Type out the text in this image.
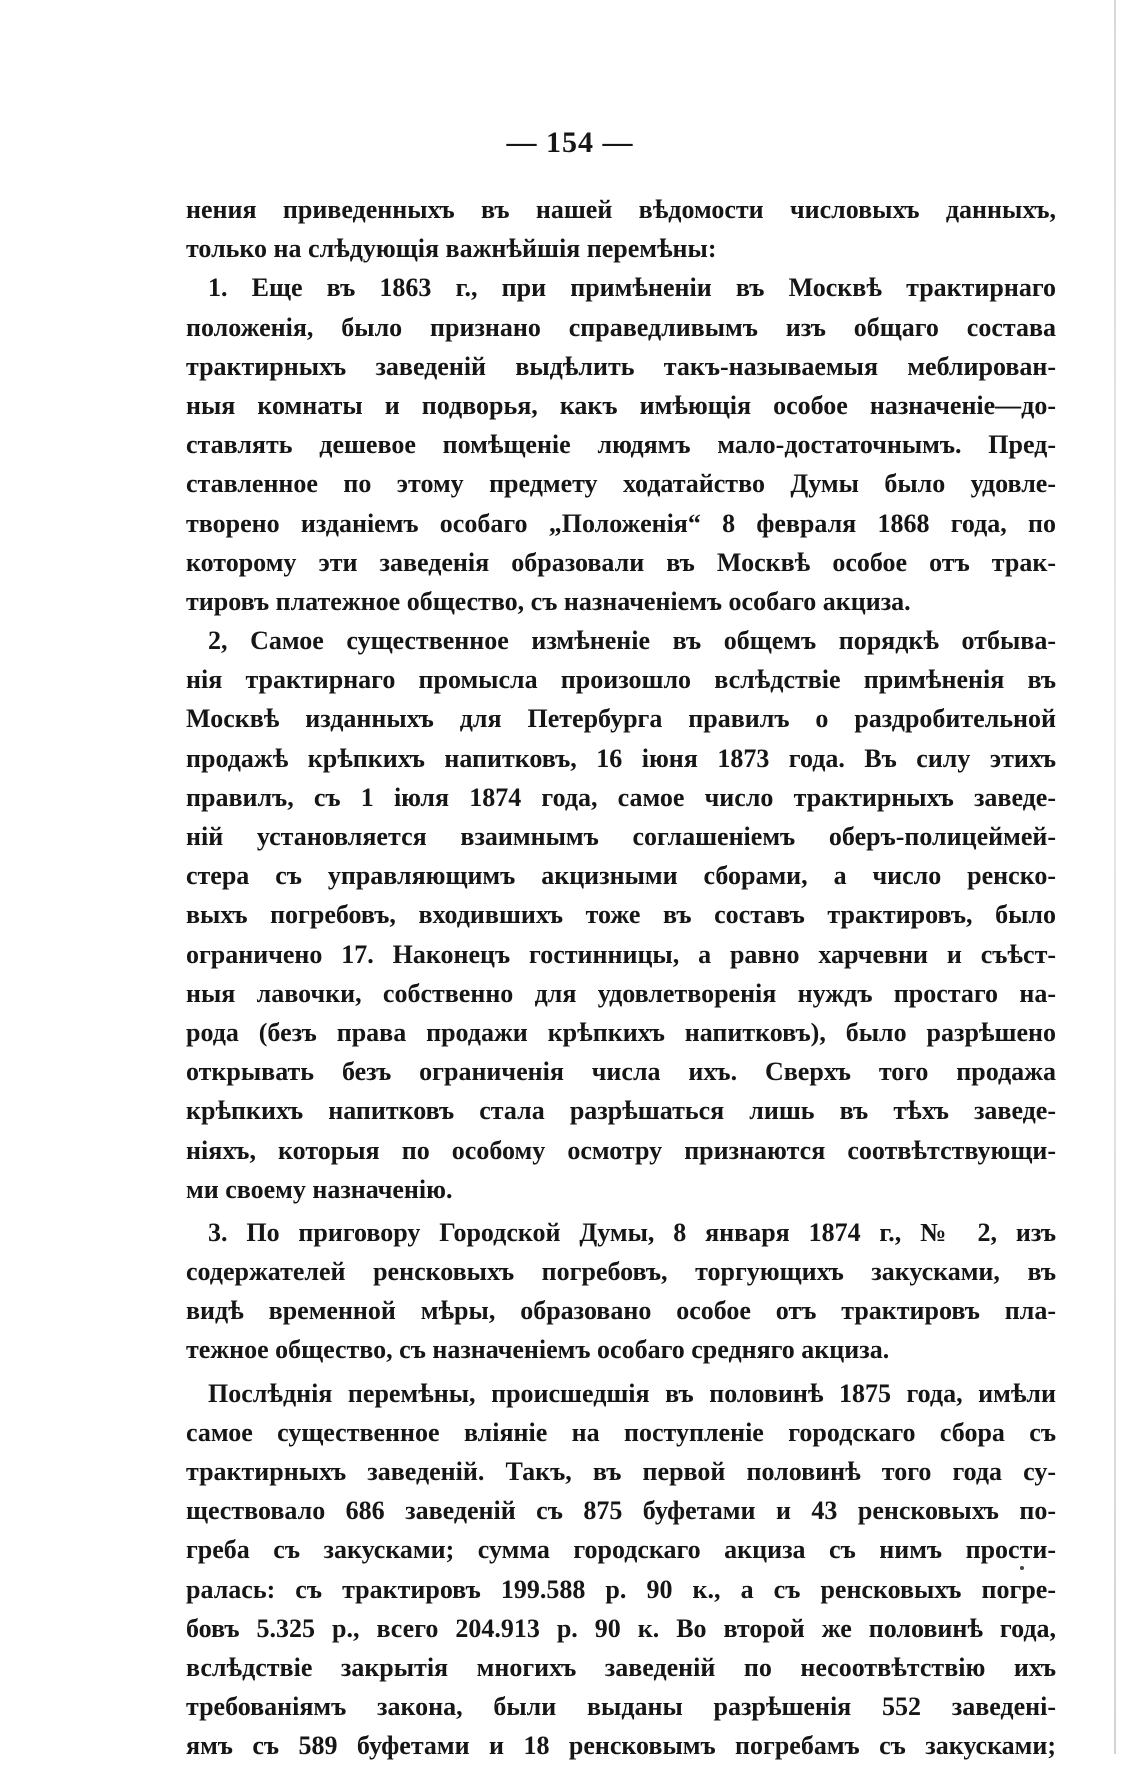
— 154 —
нения приведенныхъ въ нашей вѣдомости числовыхъ данныхъ,
только на слѣдующія важнѣйшія перемѣны:
1. Еще въ 1863 г., при примѣненіи въ Москвѣ трактирнаго
положенія, было признано справедливымъ изъ общаго состава
трактирныхъ заведеній выдѣлить такъ-называемыя меблирован-
ныя комнаты и подворья, какъ имѣющія особое назначеніе—до-
ставлять дешевое помѣщеніе людямъ мало-достаточнымъ. Пред-
ставленное по этому предмету ходатайство Думы было удовле-
творено изданіемъ особаго „Положенія“ 8 февраля 1868 года, по
которому эти заведенія образовали въ Москвѣ особое отъ трак-
тировъ платежное общество, съ назначеніемъ особаго акциза.
2, Самое существенное измѣненіе въ общемъ порядкѣ отбыва-
нія трактирнаго промысла произошло вслѣдствіе примѣненія въ
Москвѣ изданныхъ для Петербурга правилъ о раздробительной
продажѣ крѣпкихъ напитковъ, 16 іюня 1873 года. Въ силу этихъ
правилъ, съ 1 іюля 1874 года, самое число трактирныхъ заведе-
ній установляется взаимнымъ соглашеніемъ оберъ-полицеймей-
стера съ управляющимъ акцизными сборами, а число ренско-
выхъ погребовъ, входившихъ тоже въ составъ трактировъ, было
ограничено 17. Наконецъ гостинницы, а равно харчевни и съѣст-
ныя лавочки, собственно для удовлетворенія нуждъ простаго на-
рода (безъ права продажи крѣпкихъ напитковъ), было разрѣшено
открывать безъ ограниченія числа ихъ. Сверхъ того продажа
крѣпкихъ напитковъ стала разрѣшаться лишь въ тѣхъ заведе-
ніяхъ, которыя по особому осмотру признаются соотвѣтствующи-
ми своему назначенію.
3. По приговору Городской Думы, 8 января 1874 г., № 2, изъ
содержателей ренсковыхъ погребовъ, торгующихъ закусками, въ
видѣ временной мѣры, образовано особое отъ трактировъ пла-
тежное общество, съ назначеніемъ особаго средняго акциза.
Послѣднія перемѣны, происшедшія въ половинѣ 1875 года, имѣли
самое существенное вліяніе на поступленіе городскаго сбора съ
трактирныхъ заведеній. Такъ, въ первой половинѣ того года су-
ществовало 686 заведеній съ 875 буфетами и 43 ренсковыхъ по-
греба съ закусками; сумма городскаго акциза съ нимъ прости-
ралась: съ трактировъ 199.588 р. 90 к., а съ ренсковыхъ погре-
бовъ 5.325 р., всего 204.913 р. 90 к. Во второй же половинѣ года,
вслѣдствіе закрытія многихъ заведеній по несоотвѣтствію ихъ
требованіямъ закона, были выданы разрѣшенія 552 заведені-
ямъ съ 589 буфетами и 18 ренсковымъ погребамъ съ закусками;
